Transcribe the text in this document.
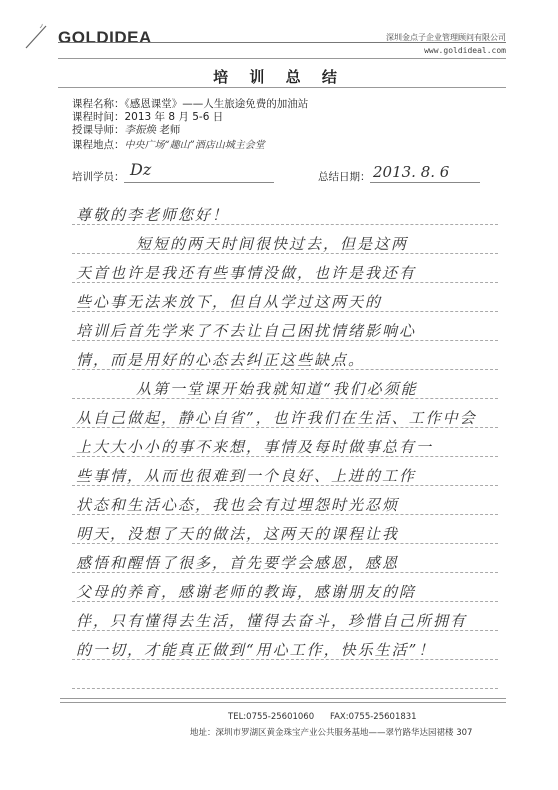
GOLDIDEA	深圳金点子企业管理顾问有限公司
www.goldideal.com
培 训 总 结
课程名称：《感恩课堂》——人生旅途免费的加油站
课程时间：2013 年 8 月 5-6 日
授课导师：李振焕 老师
课程地点：中央广场“趣山”酒店山城主会堂
培训学员： Dz	总结日期： 2013. 8. 6
尊敬的李老师您好！
短短的两天时间很快过去，但是这两
天首也许是我还有些事情没做，也许是我还有
些心事无法来放下，但自从学过这两天的
培训后首先学来了不去让自己困扰情绪影响心
情，而是用好的心态去纠正这些缺点。
从第一堂课开始我就知道“我们必须能
从自己做起，静心自省”，也许我们在生活、工作中会
上大大小小的事不来想，事情及每时做事总有一
些事情，从而也很难到一个良好、上进的工作
状态和生活心态，我也会有过埋怨时光忍烦
明天，没想了天的做法，这两天的课程让我
感悟和醒悟了很多，首先要学会感恩，感恩
父母的养育，感谢老师的教诲，感谢朋友的陪
伴，只有懂得去生活，懂得去奋斗，珍惜自己所拥有
的一切，才能真正做到“用心工作，快乐生活”！
TEL:0755-25601060 FAX:0755-25601831
地址：深圳市罗湖区黄金珠宝产业公共服务基地——翠竹路华达园裙楼 307
